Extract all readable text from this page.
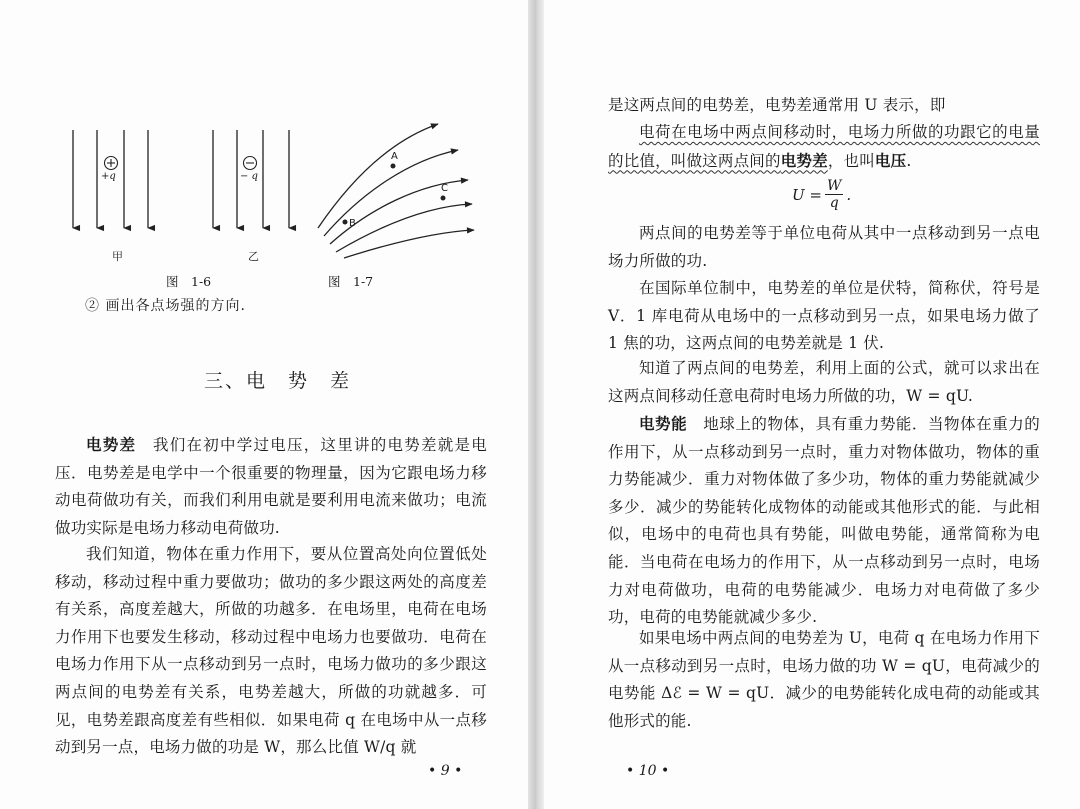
+q	− q
甲	乙
A
C
B
图　1-6	图　1-7

② 画出各点场强的方向.

三、电　势　差

电势差　我们在初中学过电压，这里讲的电势差就是电压．电势差是电学中一个很重要的物理量，因为它跟电场力移动电荷做功有关，而我们利用电就是要利用电流来做功；电流做功实际是电场力移动电荷做功.

我们知道，物体在重力作用下，要从位置高处向位置低处移动，移动过程中重力要做功；做功的多少跟这两处的高度差有关系，高度差越大，所做的功越多．在电场里，电荷在电场力作用下也要发生移动，移动过程中电场力也要做功．电荷在电场力作用下从一点移动到另一点时，电场力做功的多少跟这两点间的电势差有关系，电势差越大，所做的功就越多．可见，电势差跟高度差有些相似．如果电荷 q 在电场中从一点移动到另一点，电场力做的功是 W，那么比值 W/q 就

• 9 •

是这两点间的电势差，电势差通常用 U 表示，即

电荷在电场中两点间移动时，电场力所做的功跟它的电量的比值，叫做这两点间的电势差，也叫电压.

$U = \frac{W}{q}$ .

两点间的电势差等于单位电荷从其中一点移动到另一点电场力所做的功.

在国际单位制中，电势差的单位是伏特，简称伏，符号是 V．1 库电荷从电场中的一点移动到另一点，如果电场力做了 1 焦的功，这两点间的电势差就是 1 伏.

知道了两点间的电势差，利用上面的公式，就可以求出在这两点间移动任意电荷时电场力所做的功，W = qU.

电势能　地球上的物体，具有重力势能．当物体在重力的作用下，从一点移动到另一点时，重力对物体做功，物体的重力势能减少．重力对物体做了多少功，物体的重力势能就减少多少．减少的势能转化成物体的动能或其他形式的能．与此相似，电场中的电荷也具有势能，叫做电势能，通常简称为电能．当电荷在电场力的作用下，从一点移动到另一点时，电场力对电荷做功，电荷的电势能减少．电场力对电荷做了多少功，电荷的电势能就减少多少.

如果电场中两点间的电势差为 U，电荷 q 在电场力作用下从一点移动到另一点时，电场力做的功 W = qU，电荷减少的电势能 Δℰ = W = qU．减少的电势能转化成电荷的动能或其他形式的能.

• 10 •
